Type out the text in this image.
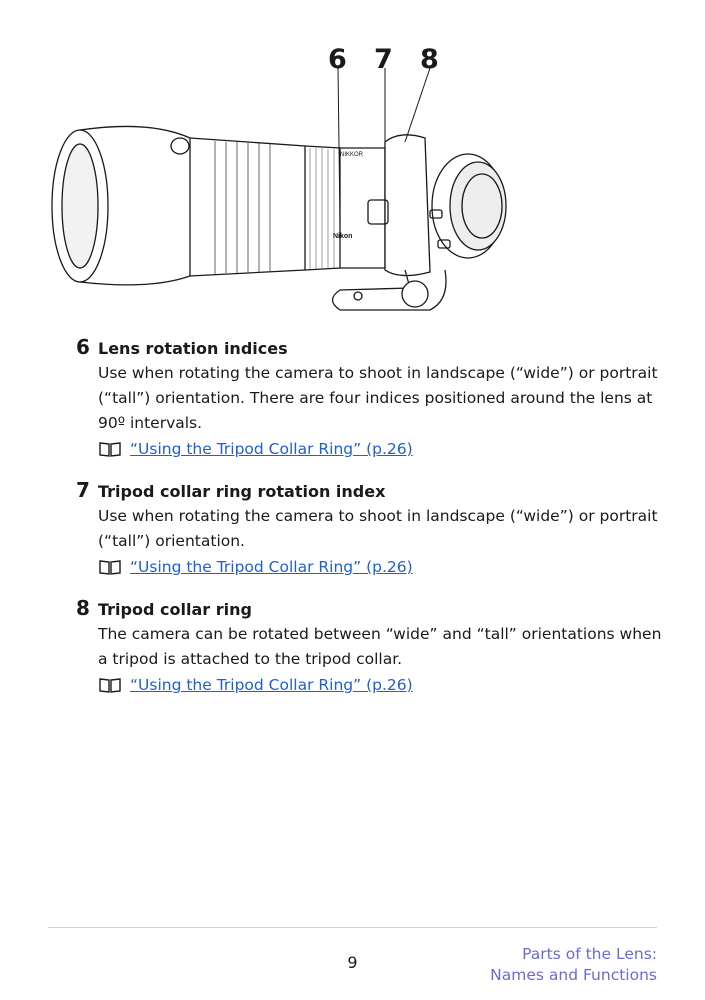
Nikon
NIKKOR
6 7 8
6 Lens rotation indices
Use when rotating the camera to shoot in landscape (“wide”) or portrait (“tall”) orientation. There are four indices positioned around the lens at 90º intervals.
“Using the Tripod Collar Ring” (p.26)
7 Tripod collar ring rotation index
Use when rotating the camera to shoot in landscape (“wide”) or portrait (“tall”) orientation.
“Using the Tripod Collar Ring” (p.26)
8 Tripod collar ring
The camera can be rotated between “wide” and “tall” orientations when a tripod is attached to the tripod collar.
“Using the Tripod Collar Ring” (p.26)
9	Parts of the Lens:
Names and Functions
